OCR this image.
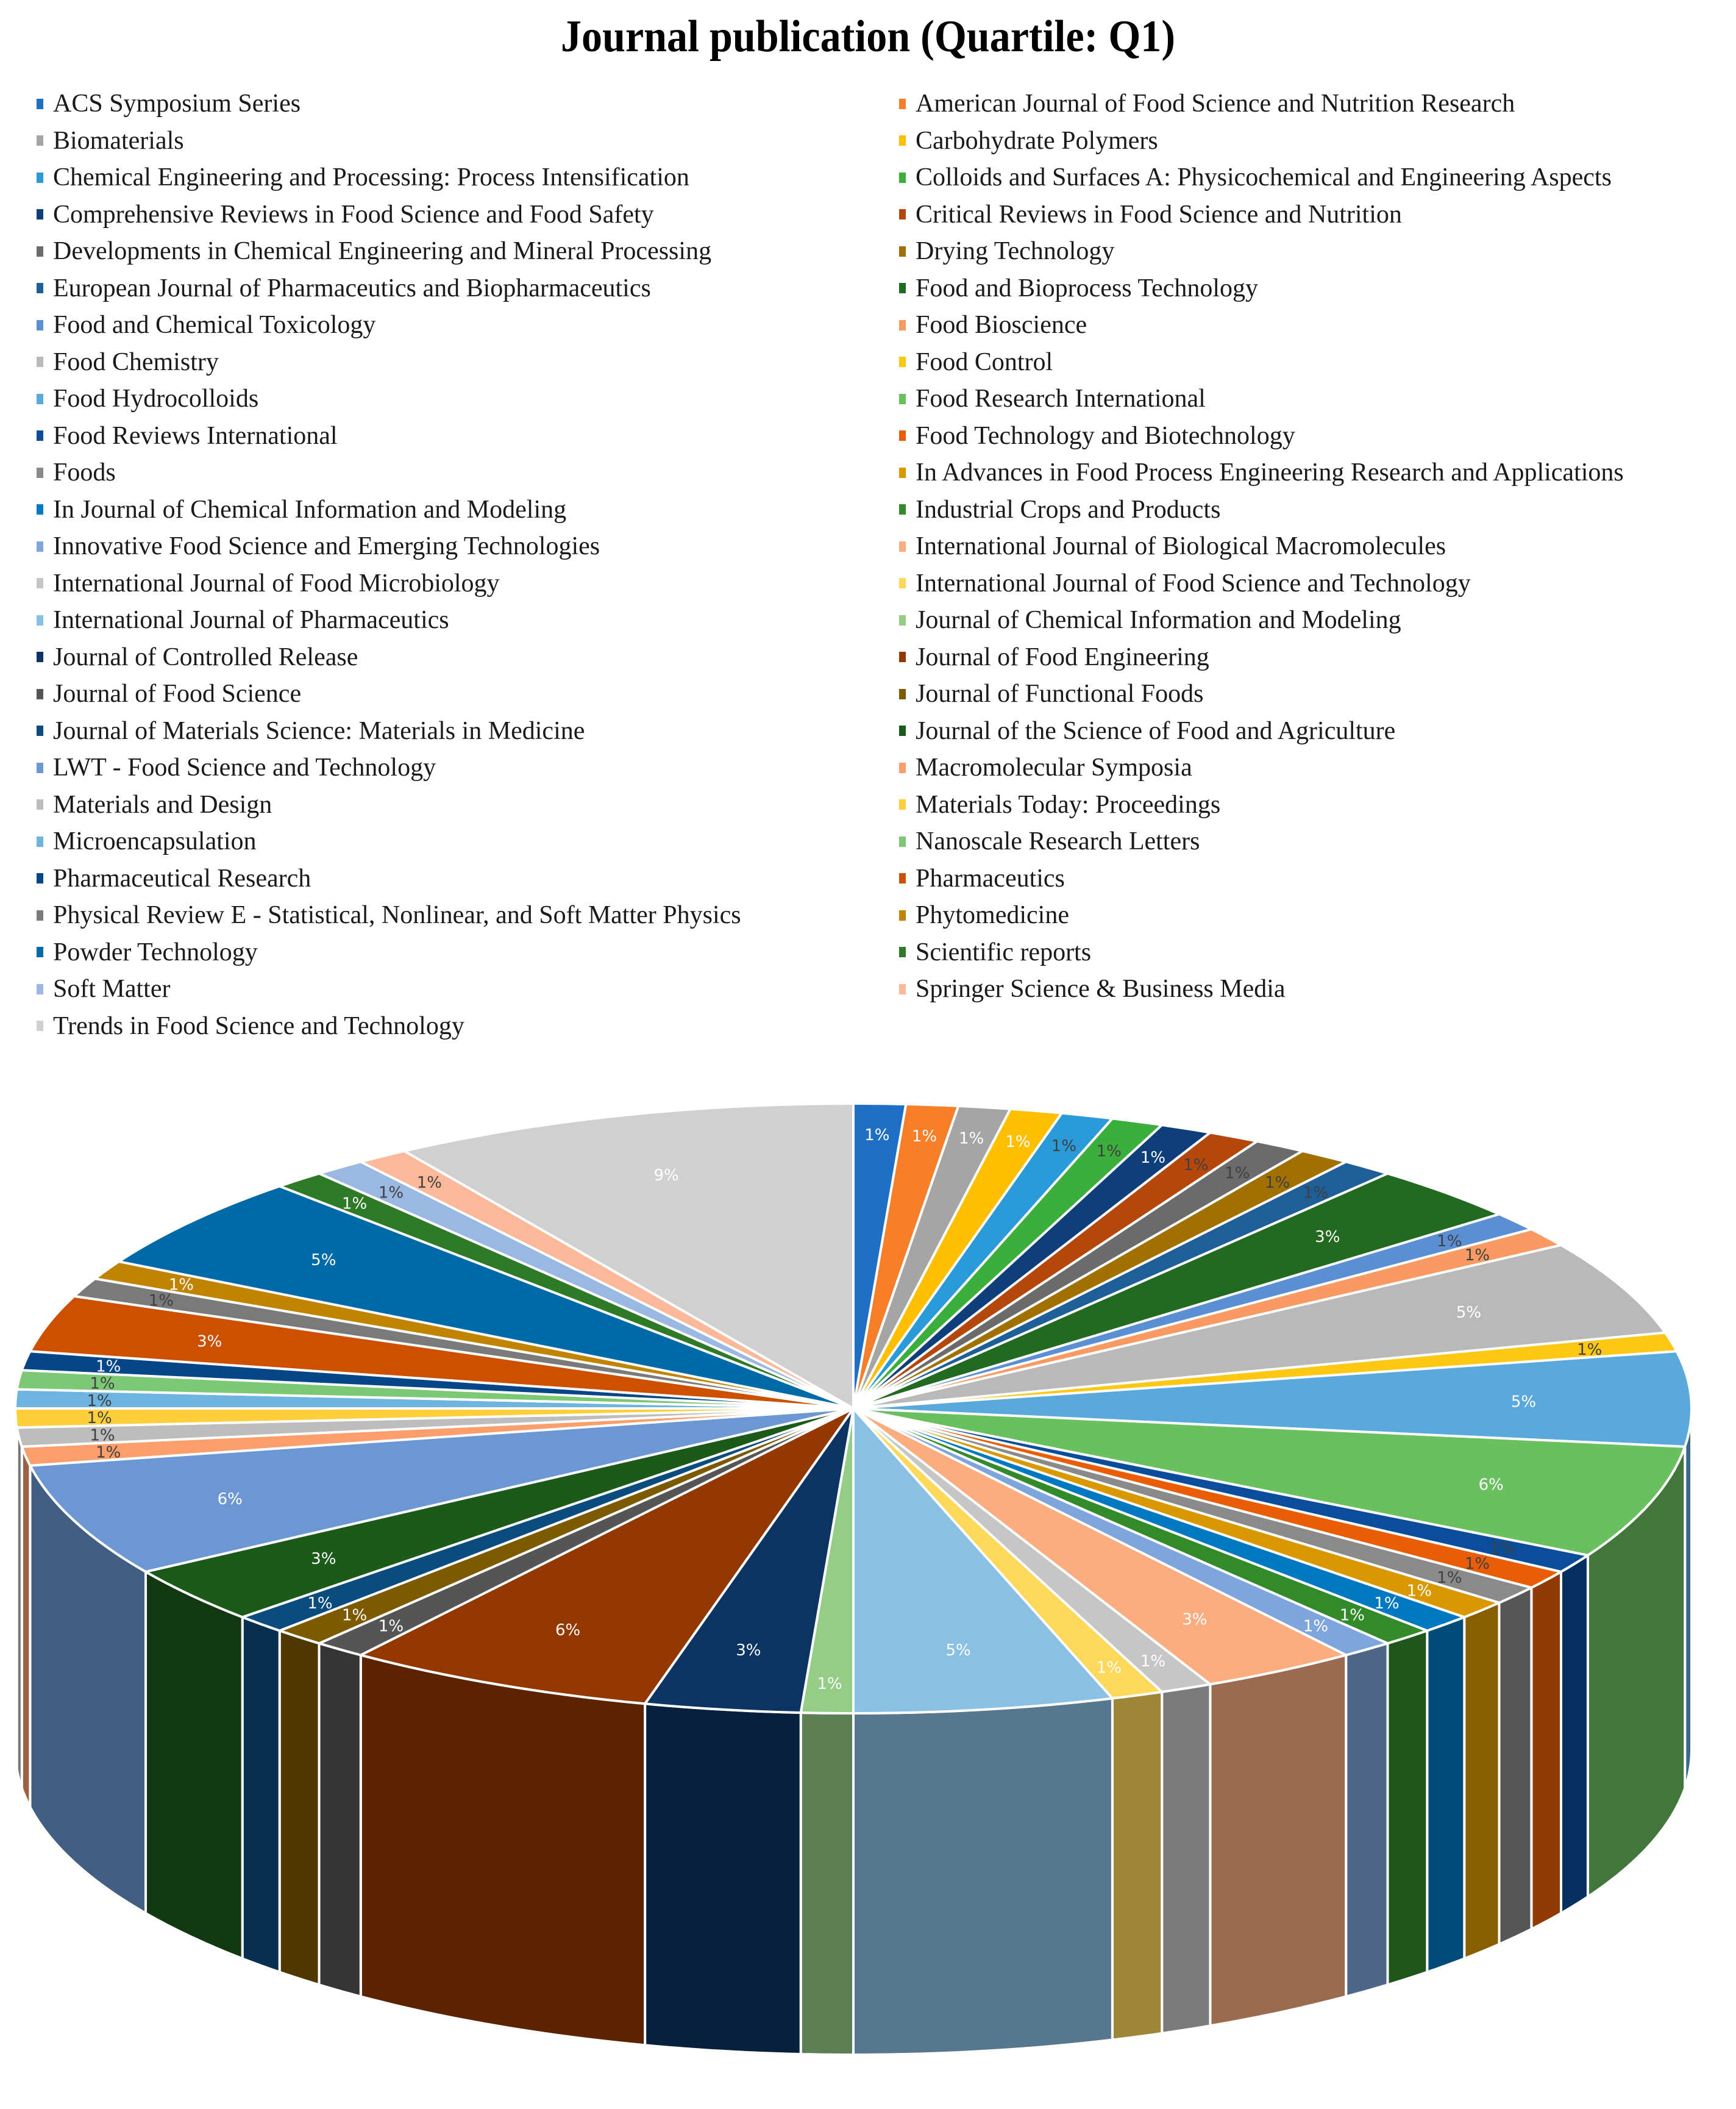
Journal publication (Quartile: Q1)
ACS Symposium Series	American Journal of Food Science and Nutrition Research
Biomaterials	Carbohydrate Polymers
Chemical Engineering and Processing: Process Intensification	Colloids and Surfaces A: Physicochemical and Engineering Aspects
Comprehensive Reviews in Food Science and Food Safety	Critical Reviews in Food Science and Nutrition
Developments in Chemical Engineering and Mineral Processing	Drying Technology
European Journal of Pharmaceutics and Biopharmaceutics	Food and Bioprocess Technology
Food and Chemical Toxicology	Food Bioscience
Food Chemistry	Food Control
Food Hydrocolloids	Food Research International
Food Reviews International	Food Technology and Biotechnology
Foods	In Advances in Food Process Engineering Research and Applications
In Journal of Chemical Information and Modeling	Industrial Crops and Products
Innovative Food Science and Emerging Technologies	International Journal of Biological Macromolecules
International Journal of Food Microbiology	International Journal of Food Science and Technology
International Journal of Pharmaceutics	Journal of Chemical Information and Modeling
Journal of Controlled Release	Journal of Food Engineering
Journal of Food Science	Journal of Functional Foods
Journal of Materials Science: Materials in Medicine	Journal of the Science of Food and Agriculture
LWT - Food Science and Technology	Macromolecular Symposia
Materials and Design	Materials Today: Proceedings
Microencapsulation	Nanoscale Research Letters
Pharmaceutical Research	Pharmaceutics
Physical Review E - Statistical, Nonlinear, and Soft Matter Physics	Phytomedicine
Powder Technology	Scientific reports
Soft Matter	Springer Science & Business Media
Trends in Food Science and Technology
1% 1% 1% 1% 1% 1% 1% 1% 1%
1%
1%
3%	1%
1%
5%
1%
5%
6%
1%
1%
1%
1%
1%
1%
1%
3%
1%
1%
5%
1%
3%
6%
1%
1%
1%
3%
6%
1%
1%
1%
1%
1%
1%
3%
1%
1%
5%
1%
1%
1%	9%
